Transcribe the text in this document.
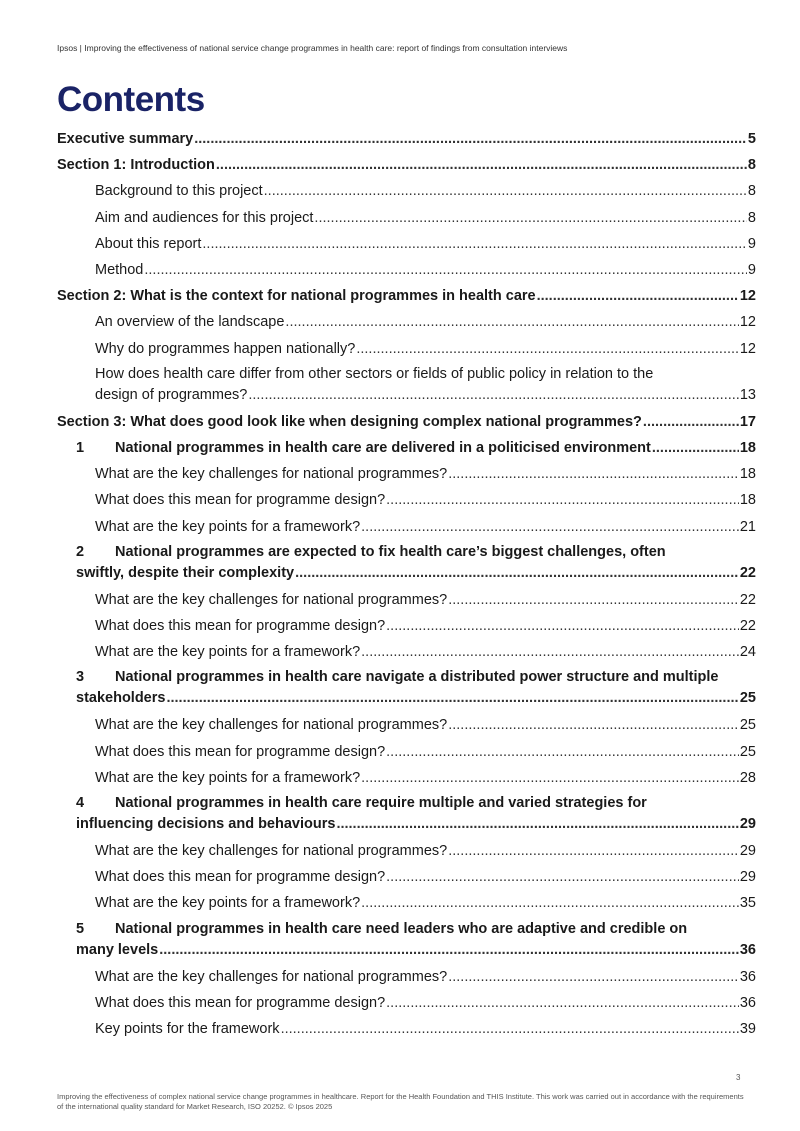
Ipsos | Improving the effectiveness of national service change programmes in health care: report of findings from consultation interviews
Contents
Executive summary .....	5
Section 1: Introduction .....	8
Background to this project .....	8
Aim and audiences for this project .....	8
About this report .....	9
Method .....	9
Section 2: What is the context for national programmes in health care .....	12
An overview of the landscape .....	12
Why do programmes happen nationally? .....	12
How does health care differ from other sectors or fields of public policy in relation to the
design of programmes? .....	13
Section 3: What does good look like when designing complex national programmes? .....	17
1 National programmes in health care are delivered in a politicised environment .....	18
What are the key challenges for national programmes? .....	18
What does this mean for programme design? .....	18
What are the key points for a framework? .....	21
2 National programmes are expected to fix health care’s biggest challenges, often
swiftly, despite their complexity .....	22
What are the key challenges for national programmes? .....	22
What does this mean for programme design? .....	22
What are the key points for a framework? .....	24
3 National programmes in health care navigate a distributed power structure and multiple
stakeholders .....	25
What are the key challenges for national programmes? .....	25
What does this mean for programme design? .....	25
What are the key points for a framework? .....	28
4 National programmes in health care require multiple and varied strategies for
influencing decisions and behaviours .....	29
What are the key challenges for national programmes? .....	29
What does this mean for programme design? .....	29
What are the key points for a framework? .....	35
5 National programmes in health care need leaders who are adaptive and credible on
many levels .....	36
What are the key challenges for national programmes? .....	36
What does this mean for programme design? .....	36
Key points for the framework .....	39
3
Improving the effectiveness of complex national service change programmes in healthcare. Report for the Health Foundation and THIS Institute. This work was carried out in accordance with the requirements of the international quality standard for Market Research, ISO 20252. © Ipsos 2025
